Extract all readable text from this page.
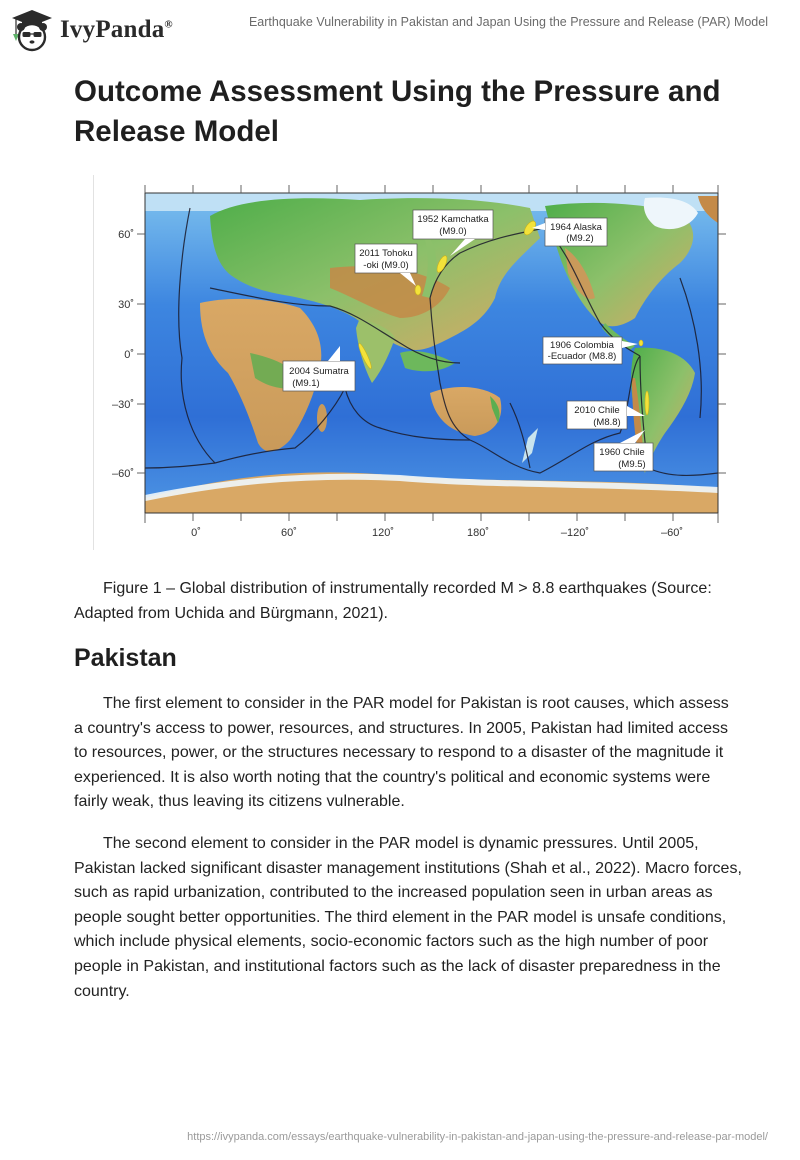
IvyPanda®	Earthquake Vulnerability in Pakistan and Japan Using the Pressure and Release (PAR) Model
Outcome Assessment Using the Pressure and Release Model
60˚
30˚
0˚
–30˚
–60˚
0˚	60˚	120˚	180˚	–120˚	–60˚
1952 Kamchatka
(M9.0)	1964 Alaska
(M9.2)
2011 Tohoku
-oki (M9.0)
1906 Colombia
-Ecuador (M8.8)
2004 Sumatra
(M9.1)
2010 Chile
(M8.8)
1960 Chile
(M9.5)

Figure 1 – Global distribution of instrumentally recorded M > 8.8 earthquakes (Source: Adapted from Uchida and Bürgmann, 2021).

Pakistan

The first element to consider in the PAR model for Pakistan is root causes, which assess a country's access to power, resources, and structures. In 2005, Pakistan had limited access to resources, power, or the structures necessary to respond to a disaster of the magnitude it experienced. It is also worth noting that the country's political and economic systems were fairly weak, thus leaving its citizens vulnerable.

The second element to consider in the PAR model is dynamic pressures. Until 2005, Pakistan lacked significant disaster management institutions (Shah et al., 2022). Macro forces, such as rapid urbanization, contributed to the increased population seen in urban areas as people sought better opportunities. The third element in the PAR model is unsafe conditions, which include physical elements, socio-economic factors such as the high number of poor people in Pakistan, and institutional factors such as the lack of disaster preparedness in the country.

https://ivypanda.com/essays/earthquake-vulnerability-in-pakistan-and-japan-using-the-pressure-and-release-par-model/
